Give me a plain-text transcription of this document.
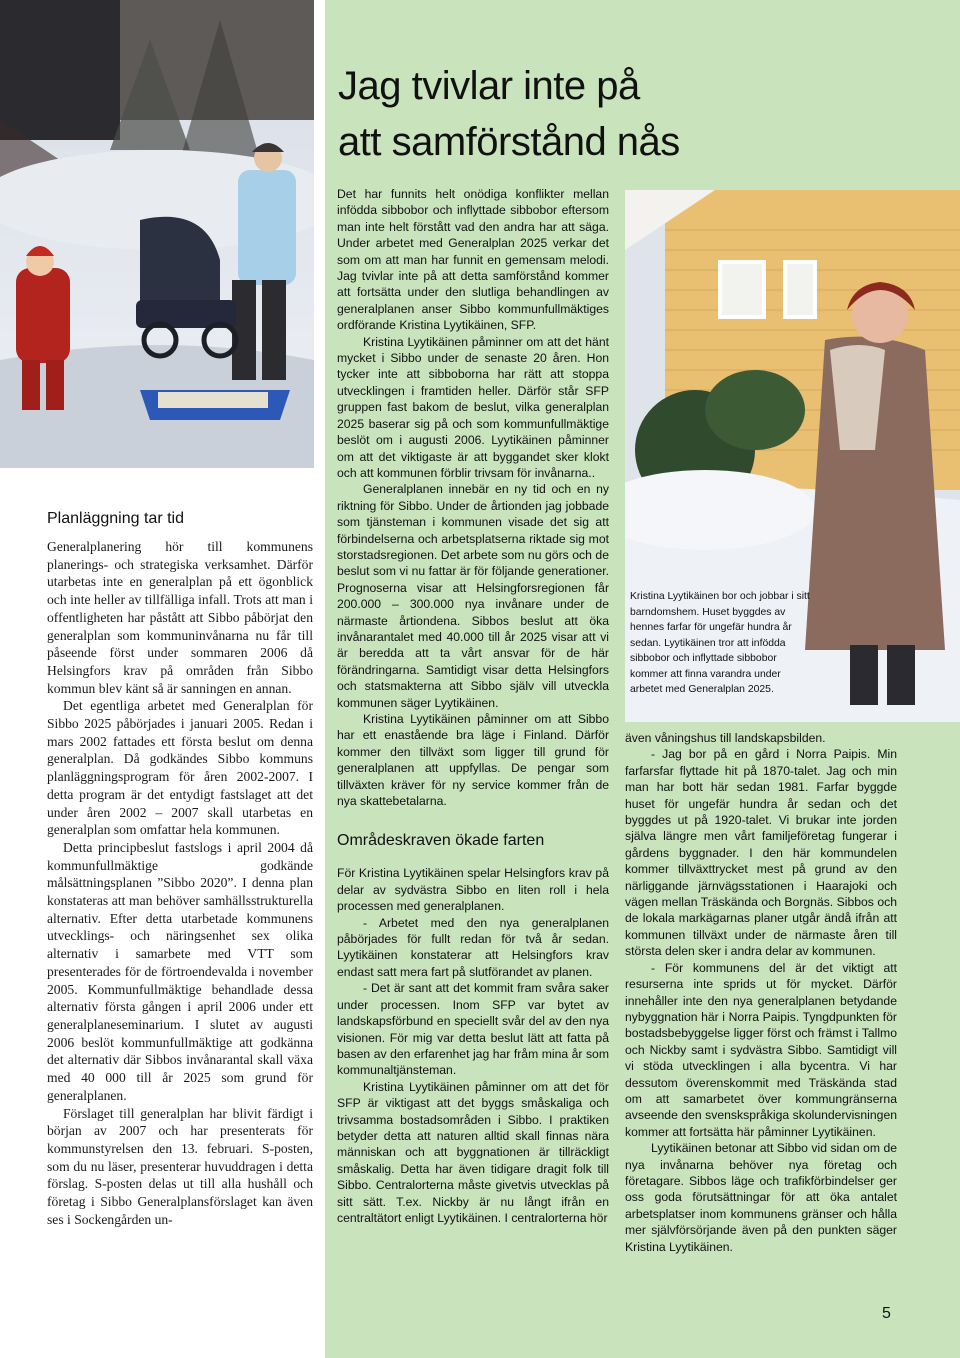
Planläggning tar tid

Generalplanering hör till kommunens planerings- och strategiska verksamhet. Därför utarbetas inte en generalplan på ett ögonblick och inte heller av tillfälliga infall. Trots att man i offentligheten har påstått att Sibbo påbörjat den generalplan som kommuninvånarna nu får till påseende först under sommaren 2006 då Helsingfors krav på områden från Sibbo kommun blev känt så är sanningen en annan.

Det egentliga arbetet med Generalplan för Sibbo 2025 påbörjades i januari 2005. Redan i mars 2002 fattades ett första beslut om denna generalplan. Då godkändes Sibbo kommuns planläggningsprogram för åren 2002-2007. I detta program är det entydigt fastslaget att det under åren 2002 – 2007 skall utarbetas en generalplan som omfattar hela kommunen.

Detta principbeslut fastslogs i april 2004 då kommunfullmäktige godkände målsättningsplanen ”Sibbo 2020”. I denna plan konstateras att man behöver samhällsstrukturella alternativ. Efter detta utarbetade kommunens utvecklings- och näringsenhet sex olika alternativ i samarbete med VTT som presenterades för de förtroendevalda i november 2005. Kommunfullmäktige behandlade dessa alternativ första gången i april 2006 under ett generalplaneseminarium. I slutet av augusti 2006 beslöt kommunfullmäktige att godkänna det alternativ där Sibbos invånarantal skall växa med 40 000 till år 2025 som grund för generalplanen.

Förslaget till generalplan har blivit färdigt i början av 2007 och har presenterats för kommunstyrelsen den 13. februari. S-posten, som du nu läser, presenterar huvuddragen i detta förslag. S-posten delas ut till alla hushåll och företag i Sibbo Generalplansförslaget kan även ses i Sockengården un-

Jag tvivlar inte på
att samförstånd nås

Det har funnits helt onödiga konflikter mellan infödda sibbobor och inflyttade sibbobor eftersom man inte helt förstått vad den andra har att säga. Under arbetet med Generalplan 2025 verkar det som om att man har funnit en gemensam melodi. Jag tvivlar inte på att detta samförstånd kommer att fortsätta under den slutliga behandlingen av generalplanen anser Sibbo kommunfullmäktiges ordförande Kristina Lyytikäinen, SFP.

Kristina Lyytikäinen påminner om att det hänt mycket i Sibbo under de senaste 20 åren. Hon tycker inte att sibboborna har rätt att stoppa utvecklingen i framtiden heller. Därför står SFP gruppen fast bakom de beslut, vilka generalplan 2025 baserar sig på och som kommunfullmäktige beslöt om i augusti 2006. Lyytikäinen påminner om att det viktigaste är att byggandet sker klokt och att kommunen förblir trivsam för invånarna..

Generalplanen innebär en ny tid och en ny riktning för Sibbo. Under de årtionden jag jobbade som tjänsteman i kommunen visade det sig att förbindelserna och arbetsplatserna riktade sig mot storstadsregionen. Det arbete som nu görs och de beslut som vi nu fattar är för följande generationer. Prognoserna visar att Helsingforsregionen får 200.000 – 300.000 nya invånare under de närmaste årtiondena. Sibbos beslut att öka invånarantalet med 40.000 till år 2025 visar att vi är beredda att ta vårt ansvar för de här förändringarna. Samtidigt visar detta Helsingfors och statsmakterna att Sibbo själv vill utveckla kommunen säger Lyytikäinen.

Kristina Lyytikäinen påminner om att Sibbo har ett enastående bra läge i Finland. Därför kommer den tillväxt som ligger till grund för generalplanen att uppfyllas. De pengar som tillväxten kräver för ny service kommer från de nya skattebetalarna.

Områdeskraven ökade farten

För Kristina Lyytikäinen spelar Helsingfors krav på delar av sydvästra Sibbo en liten roll i hela processen med generalplanen.

- Arbetet med den nya generalplanen påbörjades för fullt redan för två år sedan. Lyytikäinen konstaterar att Helsingfors krav endast satt mera fart på slutförandet av planen.

- Det är sant att det kommit fram svåra saker under processen. Inom SFP var bytet av landskapsförbund en speciellt svår del av den nya visionen. För mig var detta beslut lätt att fatta på basen av den erfarenhet jag har fråm mina år som kommunaltjänsteman.

Kristina Lyytikäinen påminner om att det för SFP är viktigast att det byggs småskaliga och trivsamma bostadsområden i Sibbo. I praktiken betyder detta att naturen alltid skall finnas nära människan och att byggnationen är tillräckligt småskalig. Detta har även tidigare dragit folk till Sibbo. Centralorterna måste givetvis utvecklas på sitt sätt. T.ex. Nickby är nu långt ifrån en centraltätort enligt Lyytikäinen. I centralorterna hör

Kristina Lyytikäinen bor och jobbar i sitt barndomshem. Huset byggdes av hennes farfar för ungefär hundra år sedan. Lyytikäinen tror att infödda sibbobor och inflyttade sibbobor kommer att finna varandra under arbetet med Generalplan 2025.

även våningshus till landskapsbilden.

- Jag bor på en gård i Norra Paipis. Min farfarsfar flyttade hit på 1870-talet. Jag och min man har bott här sedan 1981. Farfar byggde huset för ungefär hundra år sedan och det byggdes ut på 1920-talet. Vi brukar inte jorden själva längre men vårt familjeföretag fungerar i gårdens byggnader. I den här kommundelen kommer tillväxttrycket mest på grund av den närliggande järnvägsstationen i Haarajoki och vägen mellan Träskända och Borgnäs. Sibbos och de lokala markägarnas planer utgår ändå ifrån att kommunen tillväxt under de närmaste åren till största delen sker i andra delar av kommunen.

- För kommunens del är det viktigt att resurserna inte sprids ut för mycket. Därför innehåller inte den nya generalplanen betydande nybyggnation här i Norra Paipis. Tyngdpunkten för bostadsbebyggelse ligger först och främst i Tallmo och Nickby samt i sydvästra Sibbo. Samtidigt vill vi stöda utvecklingen i alla bycentra. Vi har dessutom överenskommit med Träskända stad om att samarbetet över kommungränserna avseende den svenskspråkiga skolundervisningen kommer att fortsätta här påminner Lyytikäinen.

Lyytikäinen betonar att Sibbo vid sidan om de nya invånarna behöver nya företag och företagare. Sibbos läge och trafikförbindelser ger oss goda förutsättningar för att öka antalet arbetsplatser inom kommunens gränser och hålla mer självförsörjande även på den punkten säger Kristina Lyytikäinen.

5
